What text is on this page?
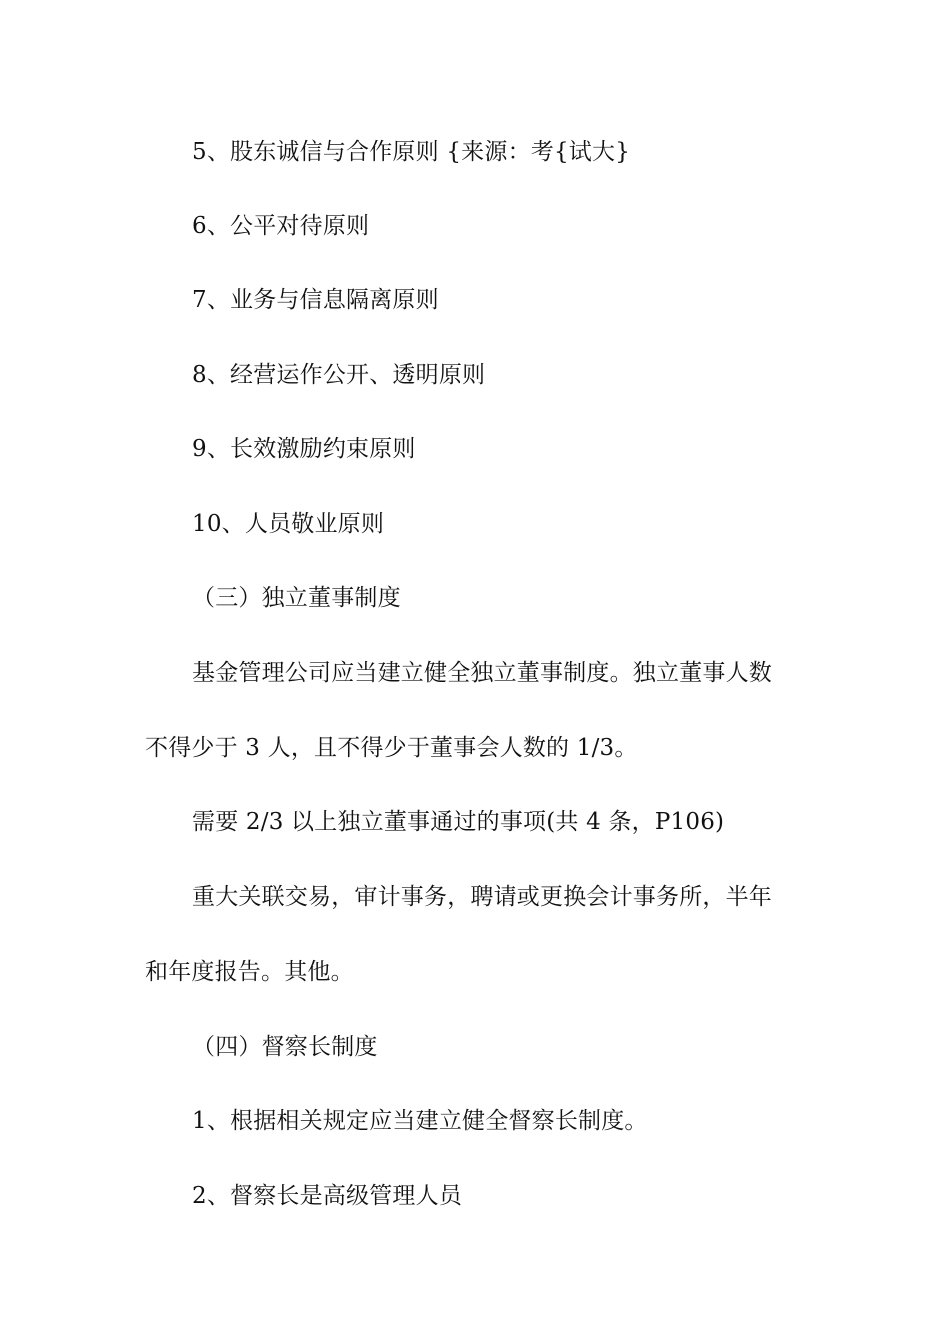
5、股东诚信与合作原则 {来源：考{试大}
6、公平对待原则
7、业务与信息隔离原则
8、经营运作公开、透明原则
9、长效激励约束原则
10、人员敬业原则
（三）独立董事制度
基金管理公司应当建立健全独立董事制度。独立董事人数
不得少于 3 人，且不得少于董事会人数的 1/3。
需要 2/3 以上独立董事通过的事项(共 4 条，P106)
重大关联交易，审计事务，聘请或更换会计事务所，半年
和年度报告。其他。
（四）督察长制度
1、根据相关规定应当建立健全督察长制度。
2、督察长是高级管理人员
